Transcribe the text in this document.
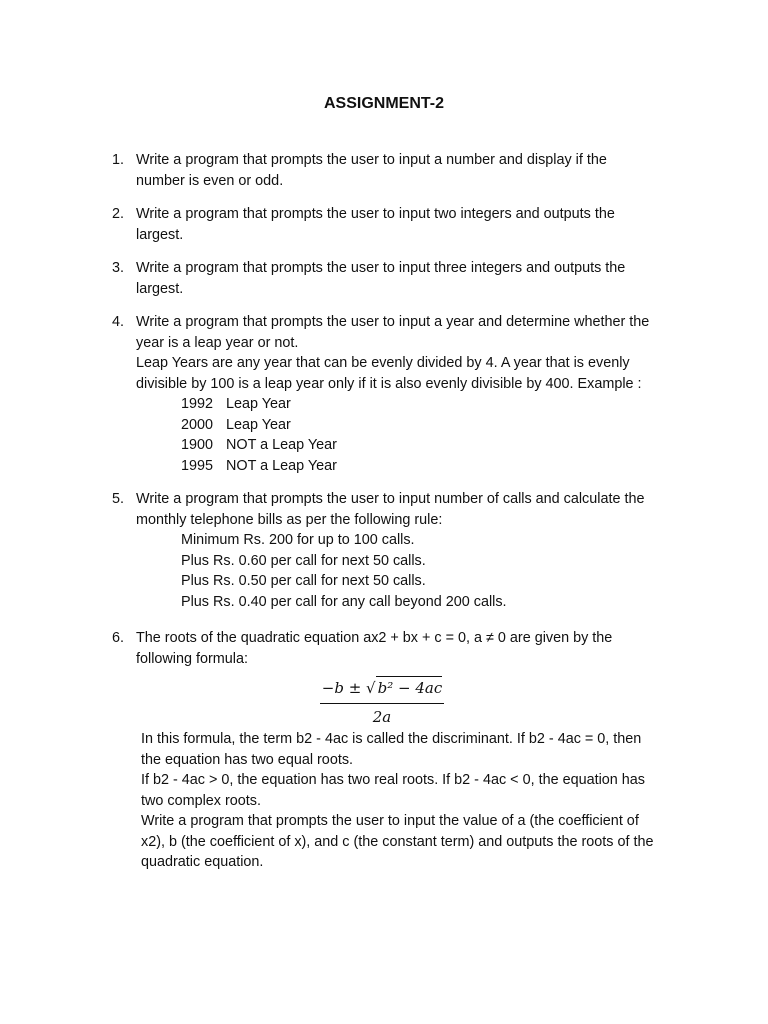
ASSIGNMENT-2
1. Write a program that prompts the user to input a number and display if the

number is even or odd.

2. Write a program that prompts the user to input two integers and outputs the

largest.

3. Write a program that prompts the user to input three integers and outputs the

largest.

4. Write a program that prompts the user to input a year and determine whether the

year is a leap year or not.

Leap Years are any year that can be evenly divided by 4. A year that is evenly

divisible by 100 is a leap year only if it is also evenly divisible by 400. Example :

1992 Leap Year
2000 Leap Year
1900 NOT a Leap Year
1995 NOT a Leap Year
5. Write a program that prompts the user to input number of calls and calculate the

monthly telephone bills as per the following rule:

Minimum Rs. 200 for up to 100 calls.

Plus Rs. 0.60 per call for next 50 calls.

Plus Rs. 0.50 per call for next 50 calls.

Plus Rs. 0.40 per call for any call beyond 200 calls.

6. The roots of the quadratic equation ax2 + bx + c = 0, a ≠ 0 are given by the

following formula:

−b ± √ b² − 4ac
2a

In this formula, the term b2 - 4ac is called the discriminant. If b2 - 4ac = 0, then

the equation has two equal roots.

If b2 - 4ac > 0, the equation has two real roots. If b2 - 4ac < 0, the equation has

two complex roots.

Write a program that prompts the user to input the value of a (the coefficient of

x2), b (the coefficient of x), and c (the constant term) and outputs the roots of the

quadratic equation.
